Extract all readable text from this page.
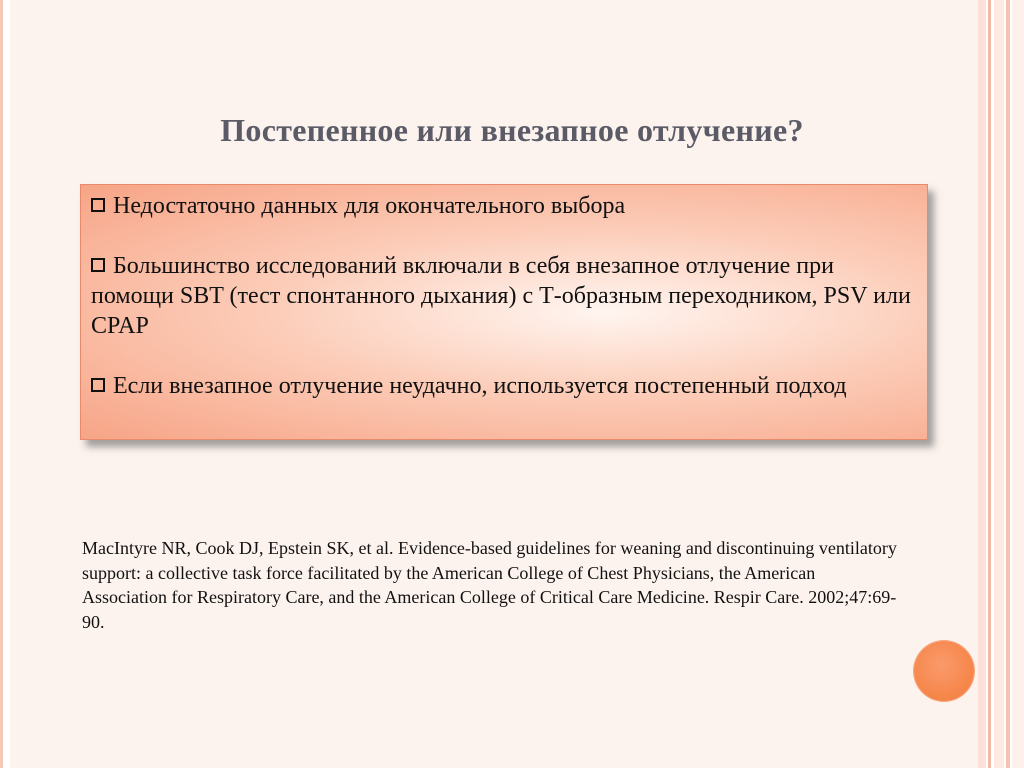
Постепенное или внезапное отлучение?
Недостаточно данных для окончательного выбора
Большинство исследований включали в себя внезапное отлучение при помощи SBT (тест спонтанного дыхания) с Т-образным переходником, PSV или CPAP
Если внезапное отлучение неудачно, используется постепенный подход
MacIntyre NR, Cook DJ, Epstein SK, et al. Evidence-based guidelines for weaning and discontinuing ventilatory support: a collective task force facilitated by the American College of Chest Physicians, the American Association for Respiratory Care, and the American College of Critical Care Medicine. Respir Care. 2002;47:69-90.
